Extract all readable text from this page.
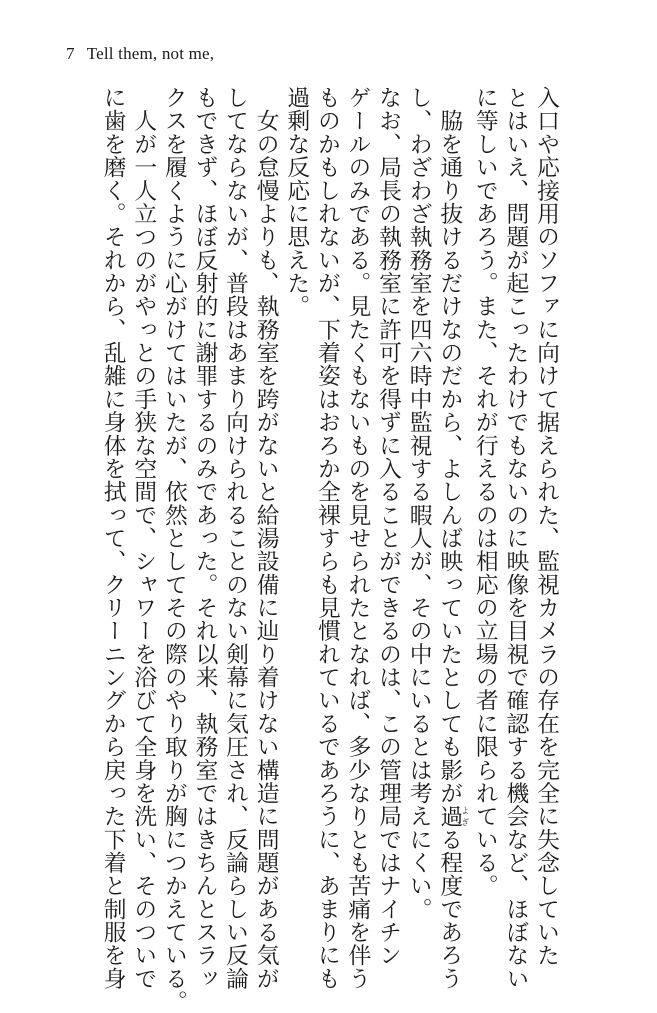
7 Tell them, not me,

入口や応接用のソファに向けて据えられた、監視カメラの存在を完全に失念していた

とはいえ、問題が起こったわけでもないのに映像を目視で確認する機会など、ほぼない

に等しいであろう。また、それが行えるのは相応の立場の者に限られている。

　脇を通り抜けるだけなのだから、よしんば映っていたとしても影が過よぎる程度であろう

し、わざわざ執務室を四六時中監視する暇人が、その中にいるとは考えにくい。

なお、局長の執務室に許可を得ずに入ることができるのは、この管理局ではナイチン

ゲールのみである。見たくもないものを見せられたとなれば、多少なりとも苦痛を伴う

ものかもしれないが、下着姿はおろか全裸すらも見慣れているであろうに、あまりにも

過剰な反応に思えた。

　女の怠慢よりも、執務室を跨がないと給湯設備に辿り着けない構造に問題がある気が

してならないが、普段はあまり向けられることのない剣幕に気圧され、反論らしい反論

もできず、ほぼ反射的に謝罪するのみであった。それ以来、執務室ではきちんとスラッ

クスを履くように心がけてはいたが、依然としてその際のやり取りが胸につかえている。

　人が一人立つのがやっとの手狭な空間で、シャワーを浴びて全身を洗い、そのついで

に歯を磨く。それから、乱雑に身体を拭って、クリーニングから戻った下着と制服を身
